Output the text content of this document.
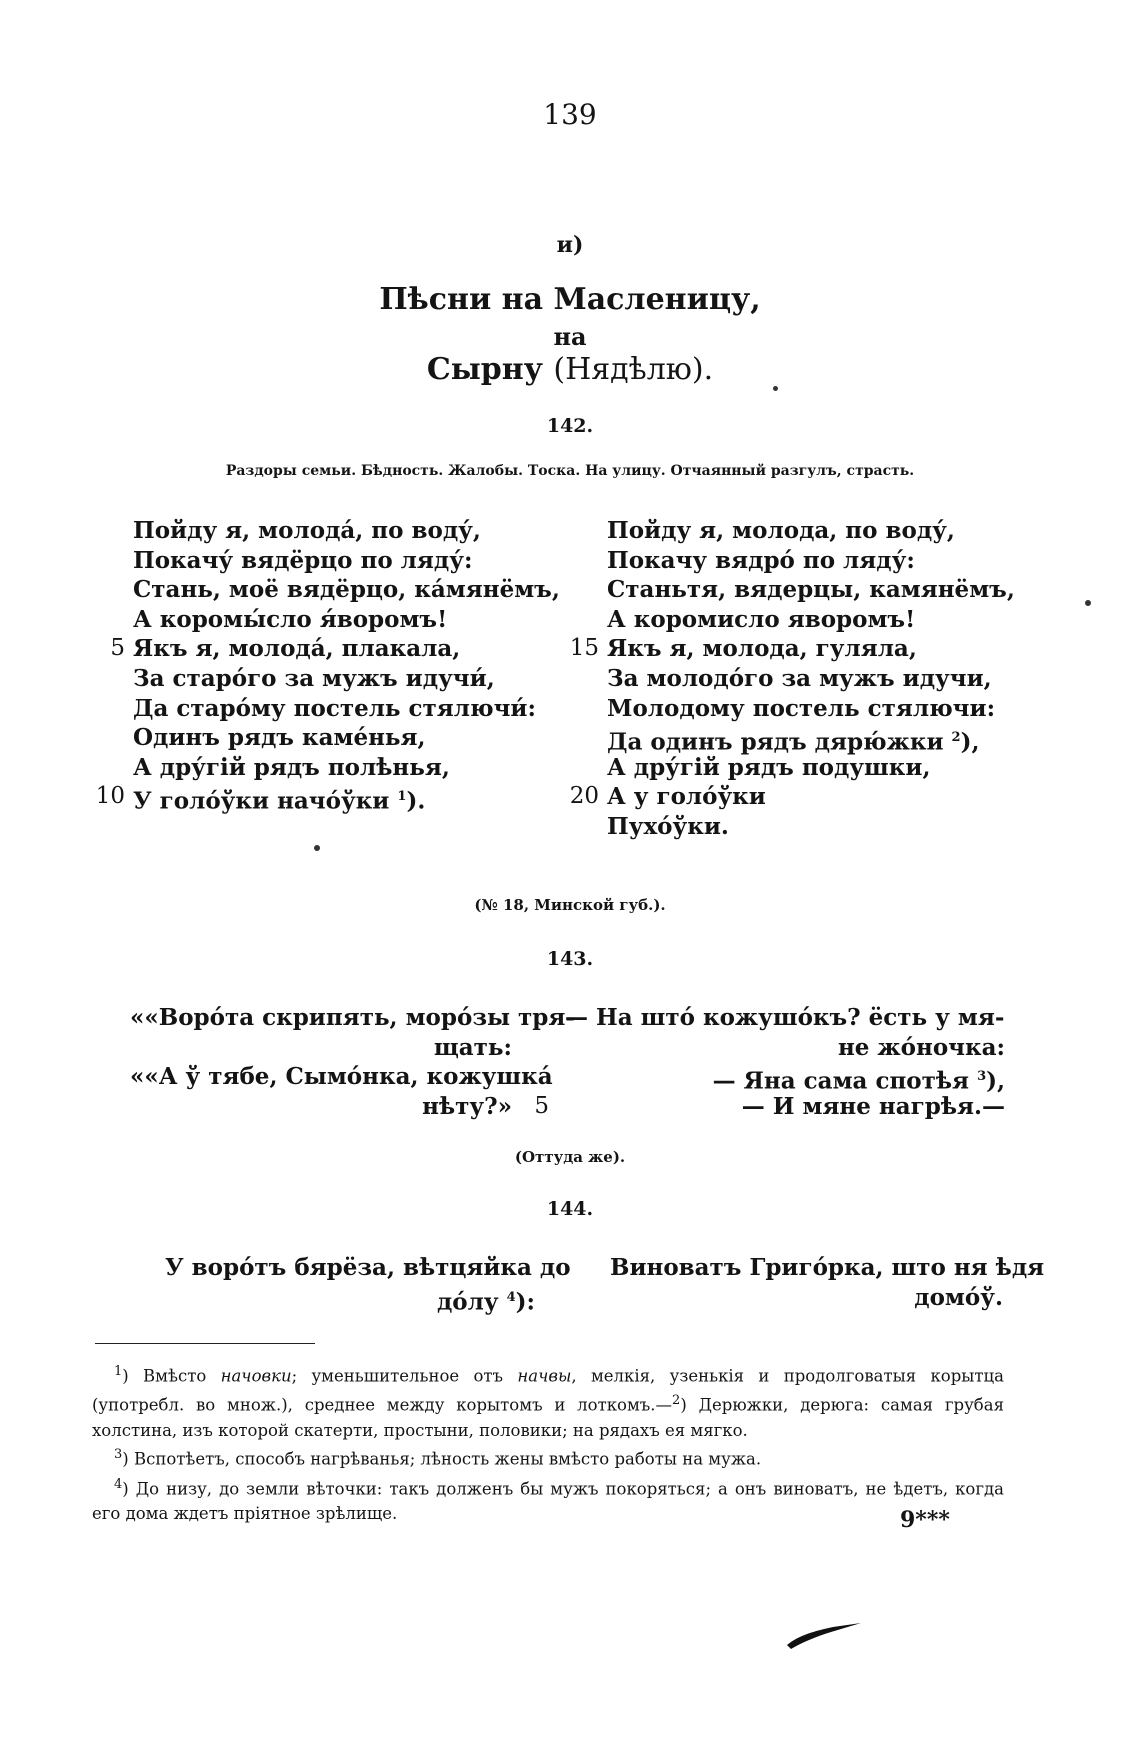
139
и)
Пѣсни на Масленицу,
на
Сырну (Нядѣлю).
142.
Раздоры семьи. Бѣдность. Жалобы. Тоска. На улицу. Отчаянный разгулъ, страсть.
Пойду я, молода́, по воду́,
Покачу́ вядёрцо по ляду́:
Стань, моё вядёрцо, ка́мянёмъ,
А коромы́сло я́воромъ!
5 Якъ я, молода́, плакала,
За старо́го за мужъ идучи́,
Да старо́му постель стялючи́:
Одинъ рядъ каме́нья,
А дру́гій рядъ полѣнья,
10 У голо́ўки начо́ўки $^1$).
Пойду я, молода, по воду́,
Покачу вядро́ по ляду́:
Станьтя, вядерцы, камянёмъ,
А коромисло яворомъ!
15 Якъ я, молода, гуляла,
За молодо́го за мужъ идучи,
Молодому постель стялючи:
Да одинъ рядъ дярю́жки $^2$),
А дру́гій рядъ подушки,
20 А у голо́ўки
Пухо́ўки.
(№ 18, Минской губ.).
143.
««Воро́та скрипять, моро́зы тря-
щать:
««А ў тябе, Сымо́нка, кожушка́
нѣту?»
— На што́ кожушо́къ? ёсть у мя-
не жо́ночка:
— Яна сама спотѣя $^3$),
5	— И мяне нагрѣя.—
(Оттуда же).
144.
У воро́тъ бярёза, вѣтцяйка до
до́лу $^4$):
Виноватъ Григо́рка, што ня ѣдя
домо́ў.

$^1$) Вмѣсто начовки; уменьшительное отъ начвы, мелкія, узенькія и продолговатыя корытца (употребл. во множ.), среднее между корытомъ и лоткомъ.—$^2$) Дерюжки, дерюга: самая грубая холстина, изъ которой скатерти, простыни, половики; на рядахъ ея мягко.

$^3$) Вспотѣетъ, способъ нагрѣванья; лѣность жены вмѣсто работы на мужа.

$^4$) До низу, до земли вѣточки: такъ долженъ бы мужъ покоряться; а онъ виноватъ, не ѣдетъ, когда его дома ждетъ пріятное зрѣлище.	9***
